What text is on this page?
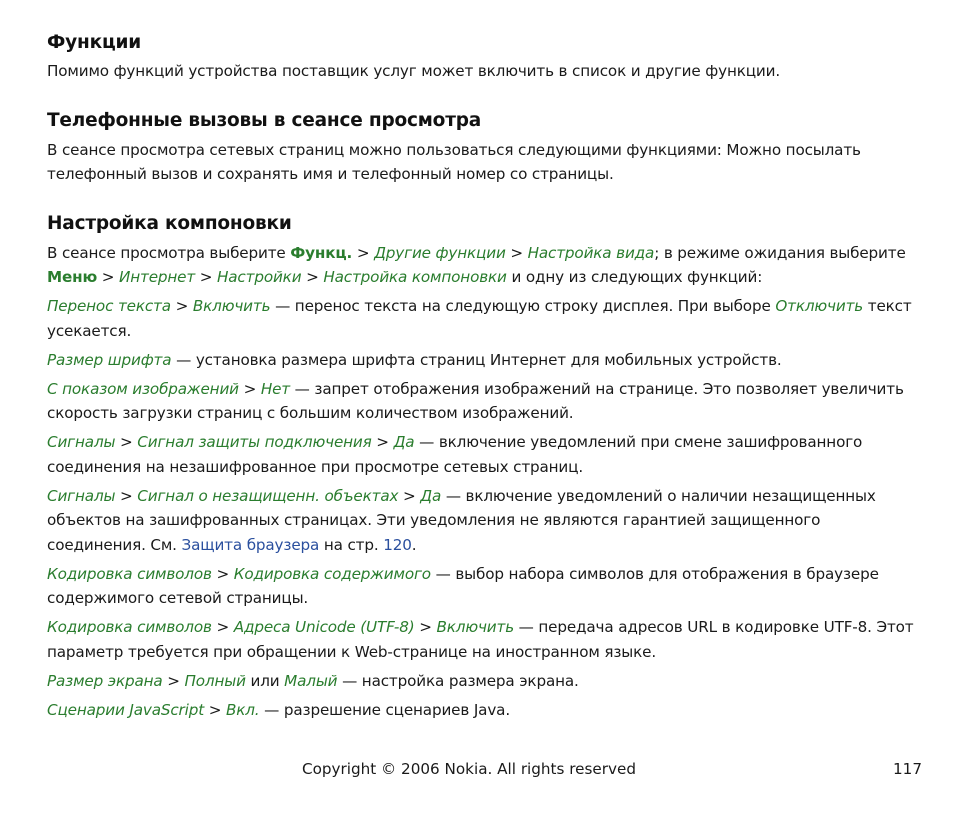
Функции

Помимо функций устройства поставщик услуг может включить в список и другие функции.

Телефонные вызовы в сеансе просмотра

В сеансе просмотра сетевых страниц можно пользоваться следующими функциями: Можно посылать телефонный вызов и сохранять имя и телефонный номер со страницы.

Настройка компоновки

В сеансе просмотра выберите Функц. > Другие функции > Настройка вида; в режиме ожидания выберите Меню > Интернет > Настройки > Настройка компоновки и одну из следующих функций:

Перенос текста > Включить — перенос текста на следующую строку дисплея. При выборе Отключить текст усекается.

Размер шрифта — установка размера шрифта страниц Интернет для мобильных устройств.

С показом изображений > Нет — запрет отображения изображений на странице. Это позволяет увеличить скорость загрузки страниц с большим количеством изображений.

Сигналы > Сигнал защиты подключения > Да — включение уведомлений при смене зашифрованного соединения на незашифрованное при просмотре сетевых страниц.

Сигналы > Сигнал о незащищенн. объектах > Да — включение уведомлений о наличии незащищенных объектов на зашифрованных страницах. Эти уведомления не являются гарантией защищенного соединения. См. Защита браузера на стр. 120.

Кодировка символов > Кодировка содержимого — выбор набора символов для отображения в браузере содержимого сетевой страницы.

Кодировка символов > Адреса Unicode (UTF-8) > Включить — передача адресов URL в кодировке UTF-8. Этот параметр требуется при обращении к Web-странице на иностранном языке.

Размер экрана > Полный или Малый — настройка размера экрана.

Сценарии JavaScript > Вкл. — разрешение сценариев Java.

Copyright © 2006 Nokia. All rights reserved	117
